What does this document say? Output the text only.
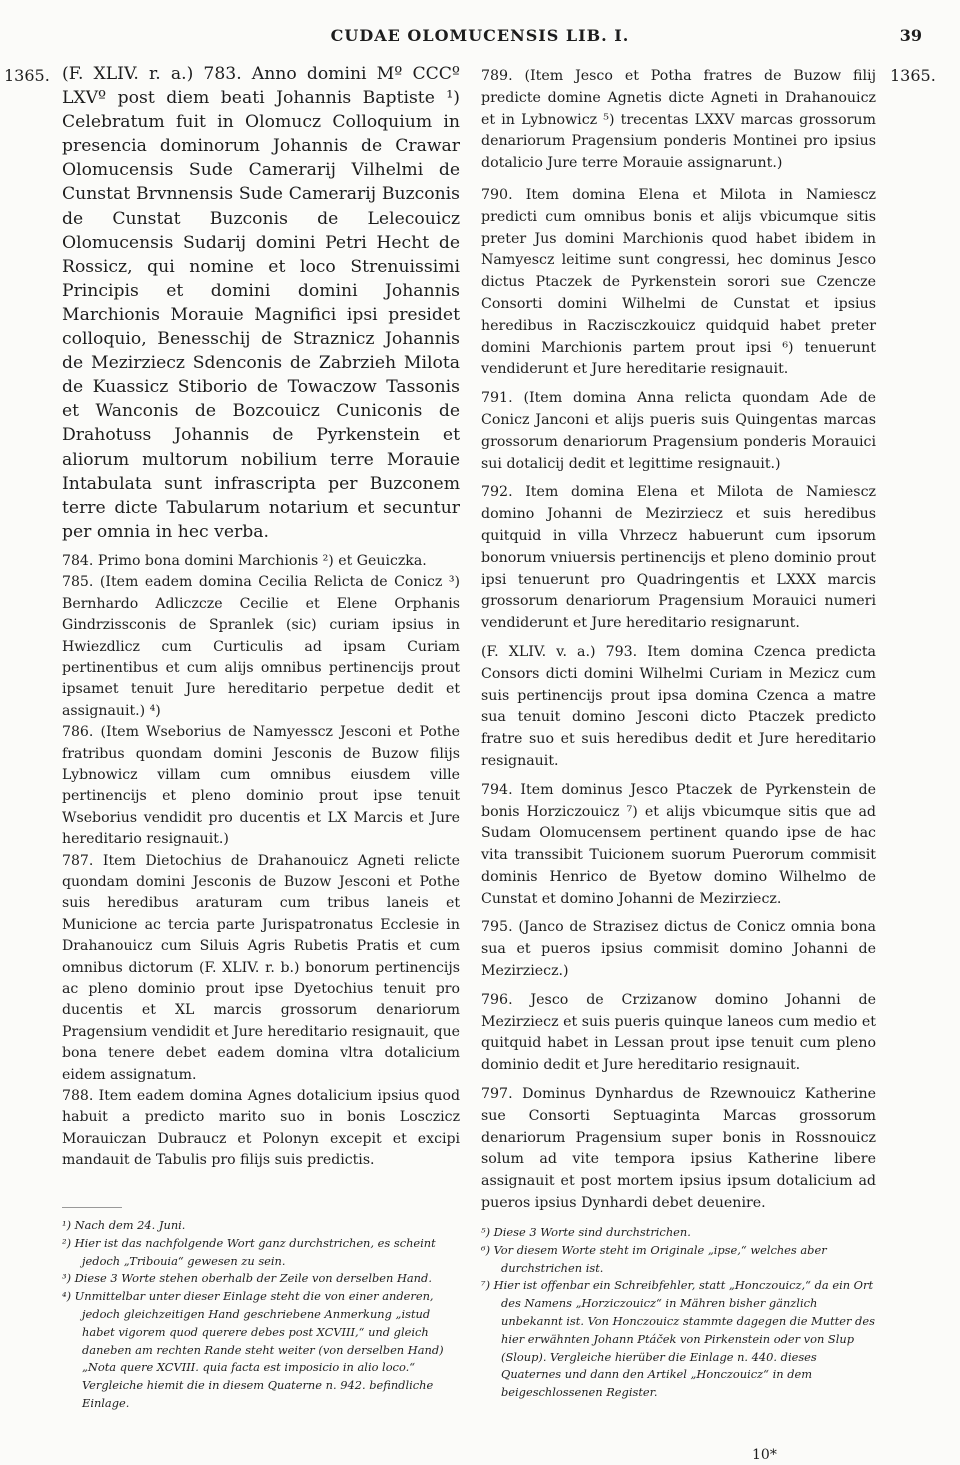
CUDAE OLOMUCENSIS LIB. I.	39
1365.	1365.

(F. XLIV. r. a.) 783. Anno domini Mº CCCº LXVº post diem beati Johannis Baptiste ¹) Celebratum fuit in Olomucz Colloquium in presencia dominorum Johannis de Crawar Olomucensis Sude Camerarij Vilhelmi de Cunstat Brvnnensis Sude Camerarij Buzconis de Cunstat Buzconis de Lelecouicz Olomucensis Sudarij domini Petri Hecht de Rossicz, qui nomine et loco Strenuissimi Principis et domini domini Johannis Marchionis Morauie Magnifici ipsi presidet colloquio, Benesschij de Straznicz Johannis de Mezirziecz Sdenconis de Zabrzieh Milota de Kuassicz Stiborio de Towaczow Tassonis et Wanconis de Bozcouicz Cuniconis de Drahotuss Johannis de Pyrkenstein et aliorum multorum nobilium terre Morauie Intabulata sunt infrascripta per Buzconem terre dicte Tabularum notarium et secuntur per omnia in hec verba.

784. Primo bona domini Marchionis ²) et Geuiczka.

785. (Item eadem domina Cecilia Relicta de Conicz ³) Bernhardo Adliczcze Cecilie et Elene Orphanis Gindrzissconis de Spranlek (sic) curiam ipsius in Hwiezdlicz cum Curticulis ad ipsam Curiam pertinentibus et cum alijs omnibus pertinencijs prout ipsamet tenuit Jure hereditario perpetue dedit et assignauit.) ⁴)

786. (Item Wseborius de Namyesscz Jesconi et Pothe fratribus quondam domini Jesconis de Buzow filijs Lybnowicz villam cum omnibus eiusdem ville pertinencijs et pleno dominio prout ipse tenuit Wseborius vendidit pro ducentis et LX Marcis et Jure hereditario resignauit.)

787. Item Dietochius de Drahanouicz Agneti relicte quondam domini Jesconis de Buzow Jesconi et Pothe suis heredibus araturam cum tribus laneis et Municione ac tercia parte Jurispatronatus Ecclesie in Drahanouicz cum Siluis Agris Rubetis Pratis et cum omnibus dictorum (F. XLIV. r. b.) bonorum pertinencijs ac pleno dominio prout ipse Dyetochius tenuit pro ducentis et XL marcis grossorum denariorum Pragensium vendidit et Jure hereditario resignauit, que bona tenere debet eadem domina vltra dotalicium eidem assignatum.

788. Item eadem domina Agnes dotalicium ipsius quod habuit a predicto marito suo in bonis Losczicz Morauiczan Dubraucz et Polonyn excepit et excipi mandauit de Tabulis pro filijs suis predictis.

789. (Item Jesco et Potha fratres de Buzow filij predicte domine Agnetis dicte Agneti in Drahanouicz et in Lybnowicz ⁵) trecentas LXXV marcas grossorum denariorum Pragensium ponderis Montinei pro ipsius dotalicio Jure terre Morauie assignarunt.)

790. Item domina Elena et Milota in Namiescz predicti cum omnibus bonis et alijs vbicumque sitis preter Jus domini Marchionis quod habet ibidem in Namyescz leitime sunt congressi, hec dominus Jesco dictus Ptaczek de Pyrkenstein sorori sue Czencze Consorti domini Wilhelmi de Cunstat et ipsius heredibus in Raczisczkouicz quidquid habet preter domini Marchionis partem prout ipsi ⁶) tenuerunt vendiderunt et Jure hereditarie resignauit.

791. (Item domina Anna relicta quondam Ade de Conicz Janconi et alijs pueris suis Quingentas marcas grossorum denariorum Pragensium ponderis Morauici sui dotalicij dedit et legittime resignauit.)

792. Item domina Elena et Milota de Namiescz domino Johanni de Mezirziecz et suis heredibus quitquid in villa Vhrzecz habuerunt cum ipsorum bonorum vniuersis pertinencijs et pleno dominio prout ipsi tenuerunt pro Quadringentis et LXXX marcis grossorum denariorum Pragensium Morauici numeri vendiderunt et Jure hereditario resignarunt.

(F. XLIV. v. a.) 793. Item domina Czenca predicta Consors dicti domini Wilhelmi Curiam in Mezicz cum suis pertinencijs prout ipsa domina Czenca a matre sua tenuit domino Jesconi dicto Ptaczek predicto fratre suo et suis heredibus dedit et Jure hereditario resignauit.

794. Item dominus Jesco Ptaczek de Pyrkenstein de bonis Horziczouicz ⁷) et alijs vbicumque sitis que ad Sudam Olomucensem pertinent quando ipse de hac vita transsibit Tuicionem suorum Puerorum commisit dominis Henrico de Byetow domino Wilhelmo de Cunstat et domino Johanni de Mezirziecz.

795. (Janco de Strazisez dictus de Conicz omnia bona sua et pueros ipsius commisit domino Johanni de Mezirziecz.)

796. Jesco de Crzizanow domino Johanni de Mezirziecz et suis pueris quinque laneos cum medio et quitquid habet in Lessan prout ipse tenuit cum pleno dominio dedit et Jure hereditario resignauit.

797. Dominus Dynhardus de Rzewnouicz Katherine sue Consorti Septuaginta Marcas grossorum denariorum Pragensium super bonis in Rossnouicz solum ad vite tempora ipsius Katherine libere assignauit et post mortem ipsius ipsum dotalicium ad pueros ipsius Dynhardi debet deuenire.

¹) Nach dem 24. Juni.

²) Hier ist das nachfolgende Wort ganz durchstrichen, es scheint jedoch „Tribouia“ gewesen zu sein.

³) Diese 3 Worte stehen oberhalb der Zeile von derselben Hand.

⁴) Unmittelbar unter dieser Einlage steht die von einer anderen, jedoch gleichzeitigen Hand geschriebene Anmerkung „istud habet vigorem quod querere debes post XCVIII,“ und gleich daneben am rechten Rande steht weiter (von derselben Hand) „Nota quere XCVIII. quia facta est imposicio in alio loco.“ Vergleiche hiemit die in diesem Quaterne n. 942. befindliche Einlage.

⁵) Diese 3 Worte sind durchstrichen.

⁶) Vor diesem Worte steht im Originale „ipse,“ welches aber durchstrichen ist.

⁷) Hier ist offenbar ein Schreibfehler, statt „Honczouicz,“ da ein Ort des Namens „Horziczouicz“ in Mähren bisher gänzlich unbekannt ist. Von Honczouicz stammte dagegen die Mutter des hier erwähnten Johann Ptáček von Pirkenstein oder von Slup (Sloup). Vergleiche hierüber die Einlage n. 440. dieses Quaternes und dann den Artikel „Honczouicz“ in dem beigeschlossenen Register.

10*
